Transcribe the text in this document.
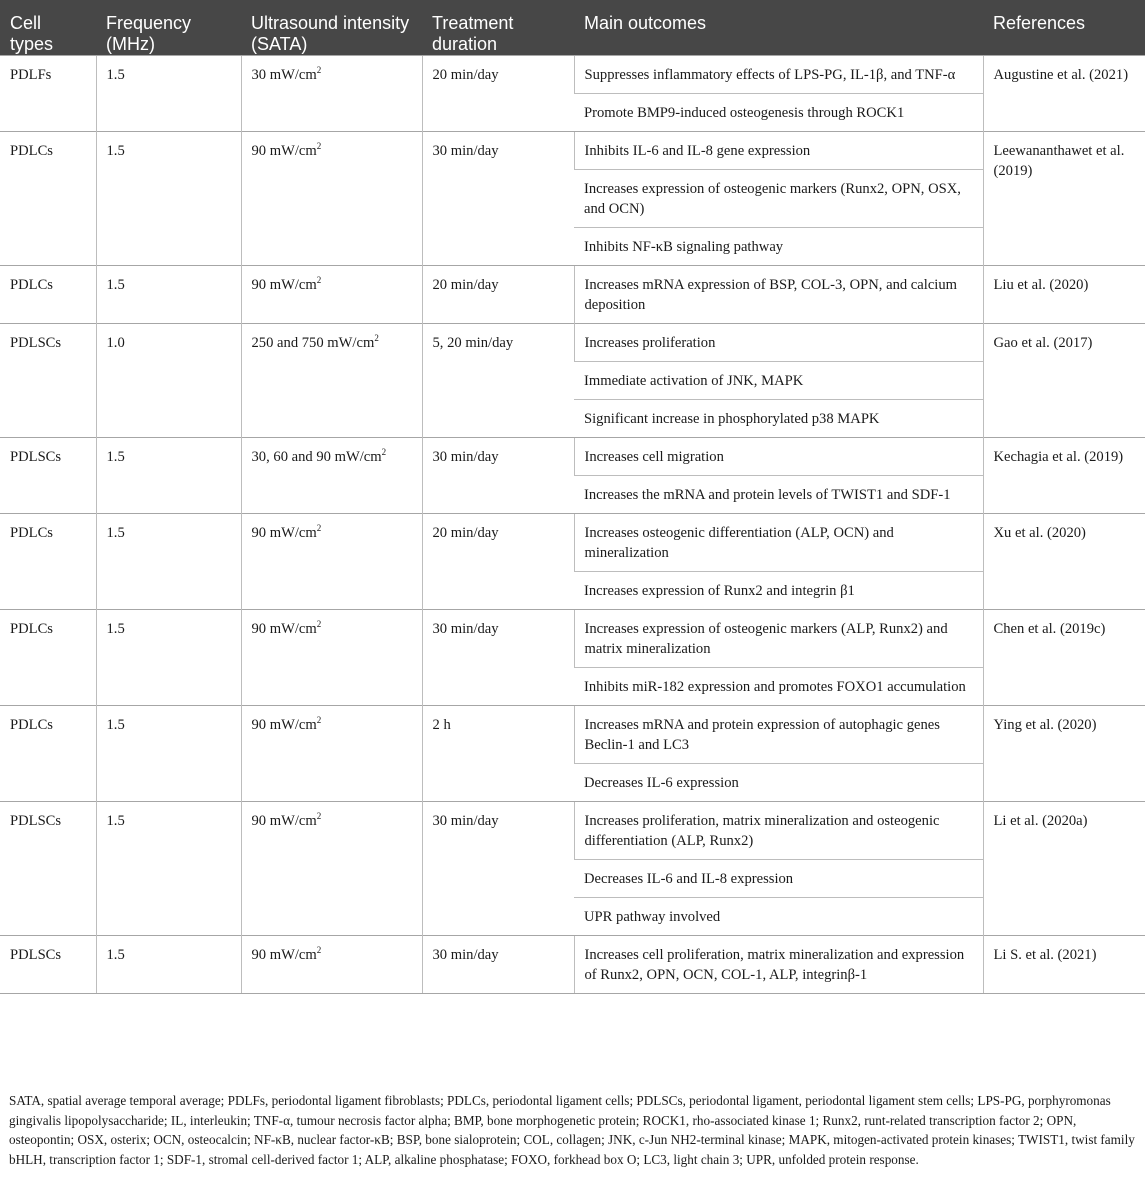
Cell types	Frequency (MHz)	Ultrasound intensity (SATA)	Treatment duration	Main outcomes	References
PDLFs	1.5	30 $mW/cm^2$	20 min/day	Suppresses inflammatory effects of LPS-PG, IL-1β, and TNF-α	Augustine et al. (2021)
				Promote BMP9-induced osteogenesis through ROCK1	
PDLCs	1.5	90 $mW/cm^2$	30 min/day	Inhibits IL-6 and IL-8 gene expression	Leewananthawet et al. (2019)
				Increases expression of osteogenic markers (Runx2, OPN, OSX, and OCN)	
				Inhibits NF-κB signaling pathway	
PDLCs	1.5	90 $mW/cm^2$	20 min/day	Increases mRNA expression of BSP, COL-3, OPN, and calcium deposition	Liu et al. (2020)
PDLSCs	1.0	250 and 750 $mW/cm^2$	5, 20 min/day	Increases proliferation	Gao et al. (2017)
				Immediate activation of JNK, MAPK	
				Significant increase in phosphorylated p38 MAPK	
PDLSCs	1.5	30, 60 and 90 $mW/cm^2$	30 min/day	Increases cell migration	Kechagia et al. (2019)
				Increases the mRNA and protein levels of TWIST1 and SDF-1	
PDLCs	1.5	90 $mW/cm^2$	20 min/day	Increases osteogenic differentiation (ALP, OCN) and mineralization	Xu et al. (2020)
				Increases expression of Runx2 and integrin β1	
PDLCs	1.5	90 $mW/cm^2$	30 min/day	Increases expression of osteogenic markers (ALP, Runx2) and matrix mineralization	Chen et al. (2019c)
				Inhibits miR-182 expression and promotes FOXO1 accumulation	
PDLCs	1.5	90 $mW/cm^2$	2 h	Increases mRNA and protein expression of autophagic genes Beclin-1 and LC3	Ying et al. (2020)
				Decreases IL-6 expression	
PDLSCs	1.5	90 $mW/cm^2$	30 min/day	Increases proliferation, matrix mineralization and osteogenic differentiation (ALP, Runx2)	Li et al. (2020a)
				Decreases IL-6 and IL-8 expression	
				UPR pathway involved	
PDLSCs	1.5	90 $mW/cm^2$	30 min/day	Increases cell proliferation, matrix mineralization and expression of Runx2, OPN, OCN, COL-1, ALP, integrinβ-1	Li S. et al. (2021)
SATA, spatial average temporal average; PDLFs, periodontal ligament fibroblasts; PDLCs, periodontal ligament cells; PDLSCs, periodontal ligament, periodontal ligament stem cells; LPS-PG, porphyromonas gingivalis lipopolysaccharide; IL, interleukin; TNF-α, tumour necrosis factor alpha; BMP, bone morphogenetic protein; ROCK1, rho-associated kinase 1; Runx2, runt-related transcription factor 2; OPN, osteopontin; OSX, osterix; OCN, osteocalcin; NF-κB, nuclear factor-κB; BSP, bone sialoprotein; COL, collagen; JNK, c-Jun NH2-terminal kinase; MAPK, mitogen-activated protein kinases; TWIST1, twist family bHLH, transcription factor 1; SDF-1, stromal cell-derived factor 1; ALP, alkaline phosphatase; FOXO, forkhead box O; LC3, light chain 3; UPR, unfolded protein response.
